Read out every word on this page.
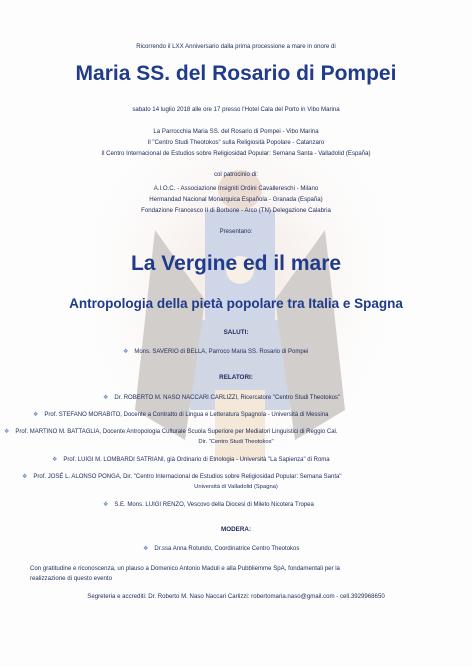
Ricorrendo il LXX Anniversario dalla prima processione a mare in onore di
Maria SS. del Rosario di Pompei
sabato 14 luglio 2018 alle ore 17 presso l'Hotel Cala del Porto in Vibo Marina
La Parrocchia Maria SS. del Rosario di Pompei - Vibo Marina
Il "Centro Studi Theotokos" sulla Religiosità Popolare - Catanzaro
Il Centro Internacional de Estudios sobre Religiosidad Popular: Semana Santa - Valladolid (España)
col patrocinio di:
A.I.O.C. - Associazione Insigniti Ordini Cavallereschi - Milano
Hermandad Nacional Monarquica Española - Granada (España)
Fondazione Francesco II di Borbone - Arco (TN) Delegazione Calabria
Presentano:
La Vergine ed il mare
Antropologia della pietà popolare tra Italia e Spagna
SALUTI:
❖ Mons. SAVERIO di BELLA, Parroco Maria SS. Rosario di Pompei
RELATORI:
❖ Dr. ROBERTO M. NASO NACCARI CARLIZZI, Ricercatore "Centro Studi Theotokos"
❖ Prof. STEFANO MORABITO, Docente a Contratto di Lingua e Letteratura Spagnola - Università di Messina
❖ Prof. MARTINO M. BATTAGLIA, Docente Antropologia Culturale Scuola Superiore per Mediatori Linguistici di Reggio Cal.
Dir. "Centro Studi Theotokos"
❖ Prof. LUIGI M. LOMBARDI SATRIANI, già Ordinario di Etnologia - Università "La Sapienza" di Roma
❖ Prof. JOSÉ L. ALONSO PONGA, Dir. "Centro Internacional de Estudios sobre Religiosidad Popular: Semana Santa"
Università di Valladolid (Spagna)
❖ S.E. Mons. LUIGI RENZO, Vescovo della Diocesi di Mileto Nicotera Tropea
MODERA:
❖ Dr.ssa Anna Rotundo, Coordinatrice Centro Theotokos
Con gratitudine e riconoscenza, un plauso a Domenico Antonio Maduli e alla Pubbliemme SpA, fondamentali per la
realizzazione di questo evento
Segreteria e accrediti: Dr. Roberto M. Naso Naccari Carlizzi: robertomaria.naso@gmail.com - cell.3929968650
